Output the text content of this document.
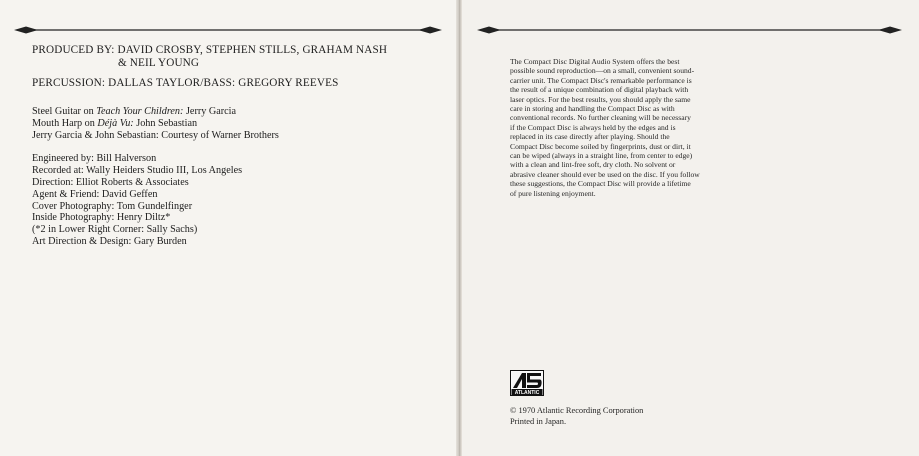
PRODUCED BY: DAVID CROSBY, STEPHEN STILLS, GRAHAM NASH
& NEIL YOUNG

PERCUSSION: DALLAS TAYLOR/BASS: GREGORY REEVES

Steel Guitar on Teach Your Children: Jerry Garcia
Mouth Harp on Déjà Vu: John Sebastian
Jerry Garcia & John Sebastian: Courtesy of Warner Brothers
Engineered by: Bill Halverson
Recorded at: Wally Heiders Studio III, Los Angeles
Direction: Elliot Roberts & Associates
Agent & Friend: David Geffen
Cover Photography: Tom Gundelfinger
Inside Photography: Henry Diltz*
(*2 in Lower Right Corner: Sally Sachs)
Art Direction & Design: Gary Burden
The Compact Disc Digital Audio System offers the best
possible sound reproduction—on a small, convenient sound-
carrier unit. The Compact Disc's remarkable performance is
the result of a unique combination of digital playback with
laser optics. For the best results, you should apply the same
care in storing and handling the Compact Disc as with
conventional records. No further cleaning will be necessary
if the Compact Disc is always held by the edges and is
replaced in its case directly after playing. Should the
Compact Disc become soiled by fingerprints, dust or dirt, it
can be wiped (always in a straight line, from center to edge)
with a clean and lint-free soft, dry cloth. No solvent or
abrasive cleaner should ever be used on the disc. If you follow
these suggestions, the Compact Disc will provide a lifetime
of pure listening enjoyment.
ATLANTIC
© 1970 Atlantic Recording Corporation
Printed in Japan.
